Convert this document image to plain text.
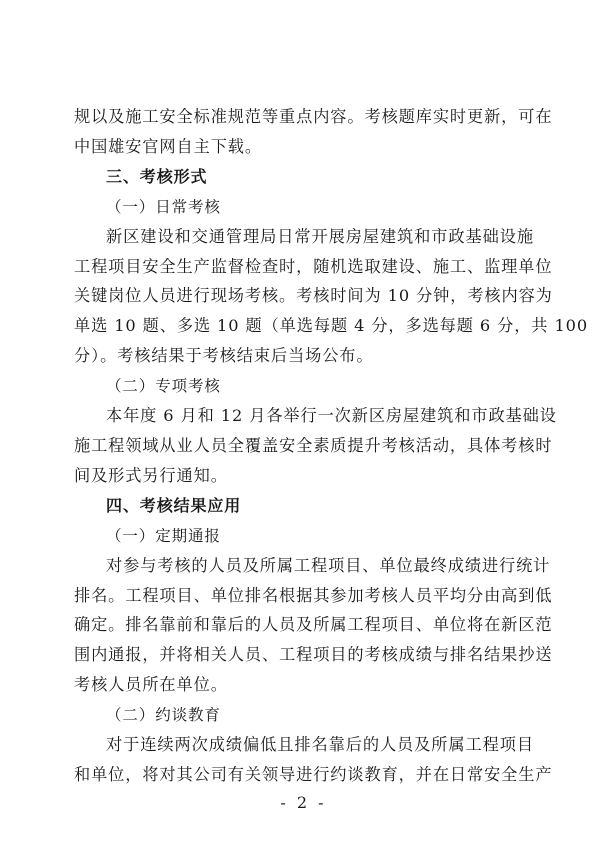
规以及施工安全标准规范等重点内容。考核题库实时更新，可在
中国雄安官网自主下载。
三、考核形式
（一）日常考核
新区建设和交通管理局日常开展房屋建筑和市政基础设施
工程项目安全生产监督检查时，随机选取建设、施工、监理单位
关键岗位人员进行现场考核。考核时间为 10 分钟，考核内容为
单选 10 题、多选 10 题（单选每题 4 分，多选每题 6 分，共 100
分）。考核结果于考核结束后当场公布。
（二）专项考核
本年度 6 月和 12 月各举行一次新区房屋建筑和市政基础设
施工程领域从业人员全覆盖安全素质提升考核活动，具体考核时
间及形式另行通知。
四、考核结果应用
（一）定期通报
对参与考核的人员及所属工程项目、单位最终成绩进行统计
排名。工程项目、单位排名根据其参加考核人员平均分由高到低
确定。排名靠前和靠后的人员及所属工程项目、单位将在新区范
围内通报，并将相关人员、工程项目的考核成绩与排名结果抄送
考核人员所在单位。
（二）约谈教育
对于连续两次成绩偏低且排名靠后的人员及所属工程项目
和单位，将对其公司有关领导进行约谈教育，并在日常安全生产
- 2 -
